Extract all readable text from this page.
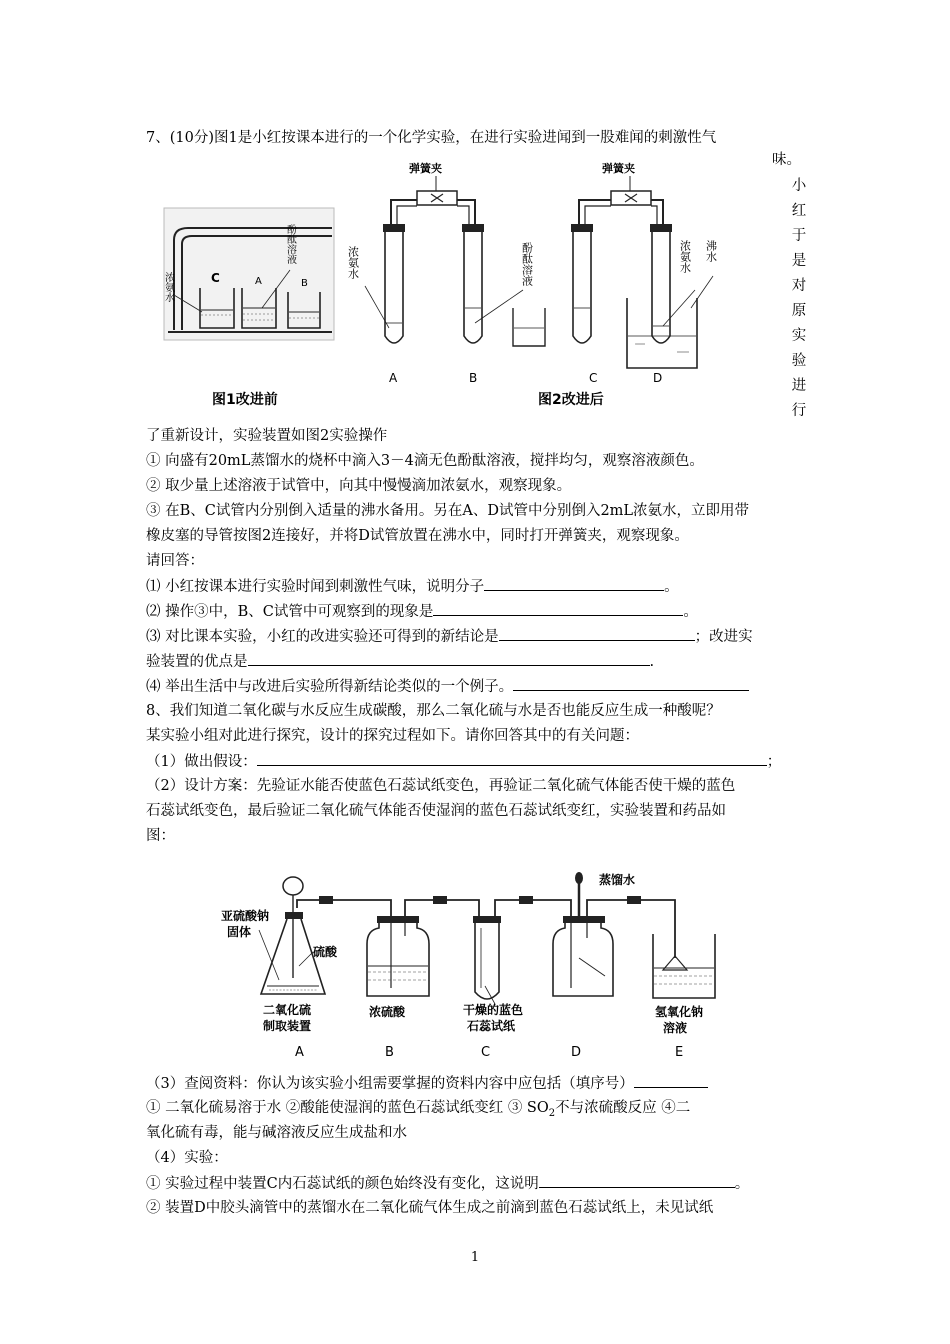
7、(10分)图1是小红按课本进行的一个化学实验，在进行实验进闻到一股难闻的刺激性气
味。
小
红
于
是
对
原
实
验
进
行
C	A	B
浓氨水
酚酞溶液
图1改进前
弹簧夹
浓氨水	酚酞溶液
弹簧夹
浓氨水 沸水
A	B	C	D
图2改进后
了重新设计，实验装置如图2实验操作
① 向盛有20mL蒸馏水的烧杯中滴入3－4滴无色酚酞溶液，搅拌均匀，观察溶液颜色。
② 取少量上述溶液于试管中，向其中慢慢滴加浓氨水，观察现象。
③ 在B、C试管内分别倒入适量的沸水备用。另在A、D试管中分别倒入2mL浓氨水，立即用带
橡皮塞的导管按图2连接好，并将D试管放置在沸水中，同时打开弹簧夹，观察现象。
请回答：
⑴ 小红按课本进行实验时闻到刺激性气味，说明分子	。
⑵ 操作③中，B、C试管中可观察到的现象是	。
⑶ 对比课本实验，小红的改进实验还可得到的新结论是	；改进实
验装置的优点是	.
⑷ 举出生活中与改进后实验所得新结论类似的一个例子。
8、我们知道二氧化碳与水反应生成碳酸，那么二氧化硫与水是否也能反应生成一种酸呢？
某实验小组对此进行探究，设计的探究过程如下。请你回答其中的有关问题：
（1）做出假设：	；
（2）设计方案：先验证水能否使蓝色石蕊试纸变色，再验证二氧化硫气体能否使干燥的蓝色
石蕊试纸变色，最后验证二氧化硫气体能否使湿润的蓝色石蕊试纸变红，实验装置和药品如
图：
亚硫酸钠
固体
硫酸
二氧化硫
制取装置
浓硫酸	干燥的蓝色
石蕊试纸
蒸馏水
氢氧化钠
溶液
A	B	C	D	E
（3）查阅资料：你认为该实验小组需要掌握的资料内容中应包括（填序号）
① 二氧化硫易溶于水 ②酸能使湿润的蓝色石蕊试纸变红 ③ $SO_2$不与浓硫酸反应 ④二
氧化硫有毒，能与碱溶液反应生成盐和水
（4）实验：
① 实验过程中装置C内石蕊试纸的颜色始终没有变化，这说明	。
② 装置D中胶头滴管中的蒸馏水在二氧化硫气体生成之前滴到蓝色石蕊试纸上，未见试纸
1
